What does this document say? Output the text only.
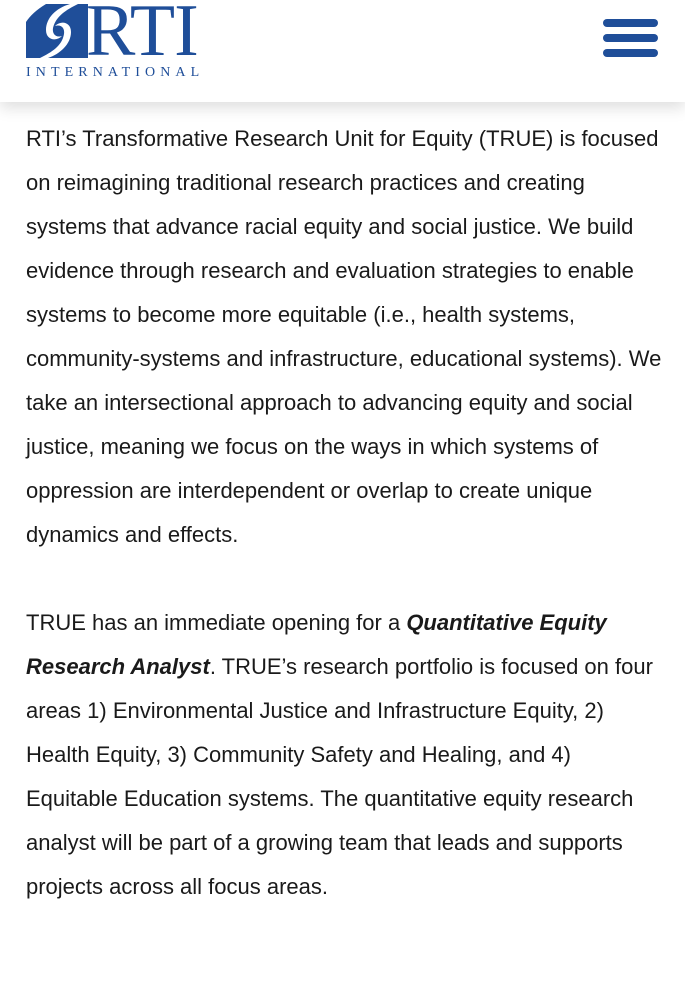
RTI
INTERNATIONAL

RTI’s Transformative Research Unit for Equity (TRUE) is focused on reimagining traditional research practices and creating systems that advance racial equity and social justice. We build evidence through research and evaluation strategies to enable systems to become more equitable (i.e., health systems, community-systems and infrastructure, educational systems). We take an intersectional approach to advancing equity and social justice, meaning we focus on the ways in which systems of oppression are interdependent or overlap to create unique dynamics and effects.

TRUE has an immediate opening for a Quantitative Equity Research Analyst. TRUE’s research portfolio is focused on four areas 1) Environmental Justice and Infrastructure Equity, 2) Health Equity, 3) Community Safety and Healing, and 4) Equitable Education systems. The quantitative equity research analyst will be part of a growing team that leads and supports projects across all focus areas.
